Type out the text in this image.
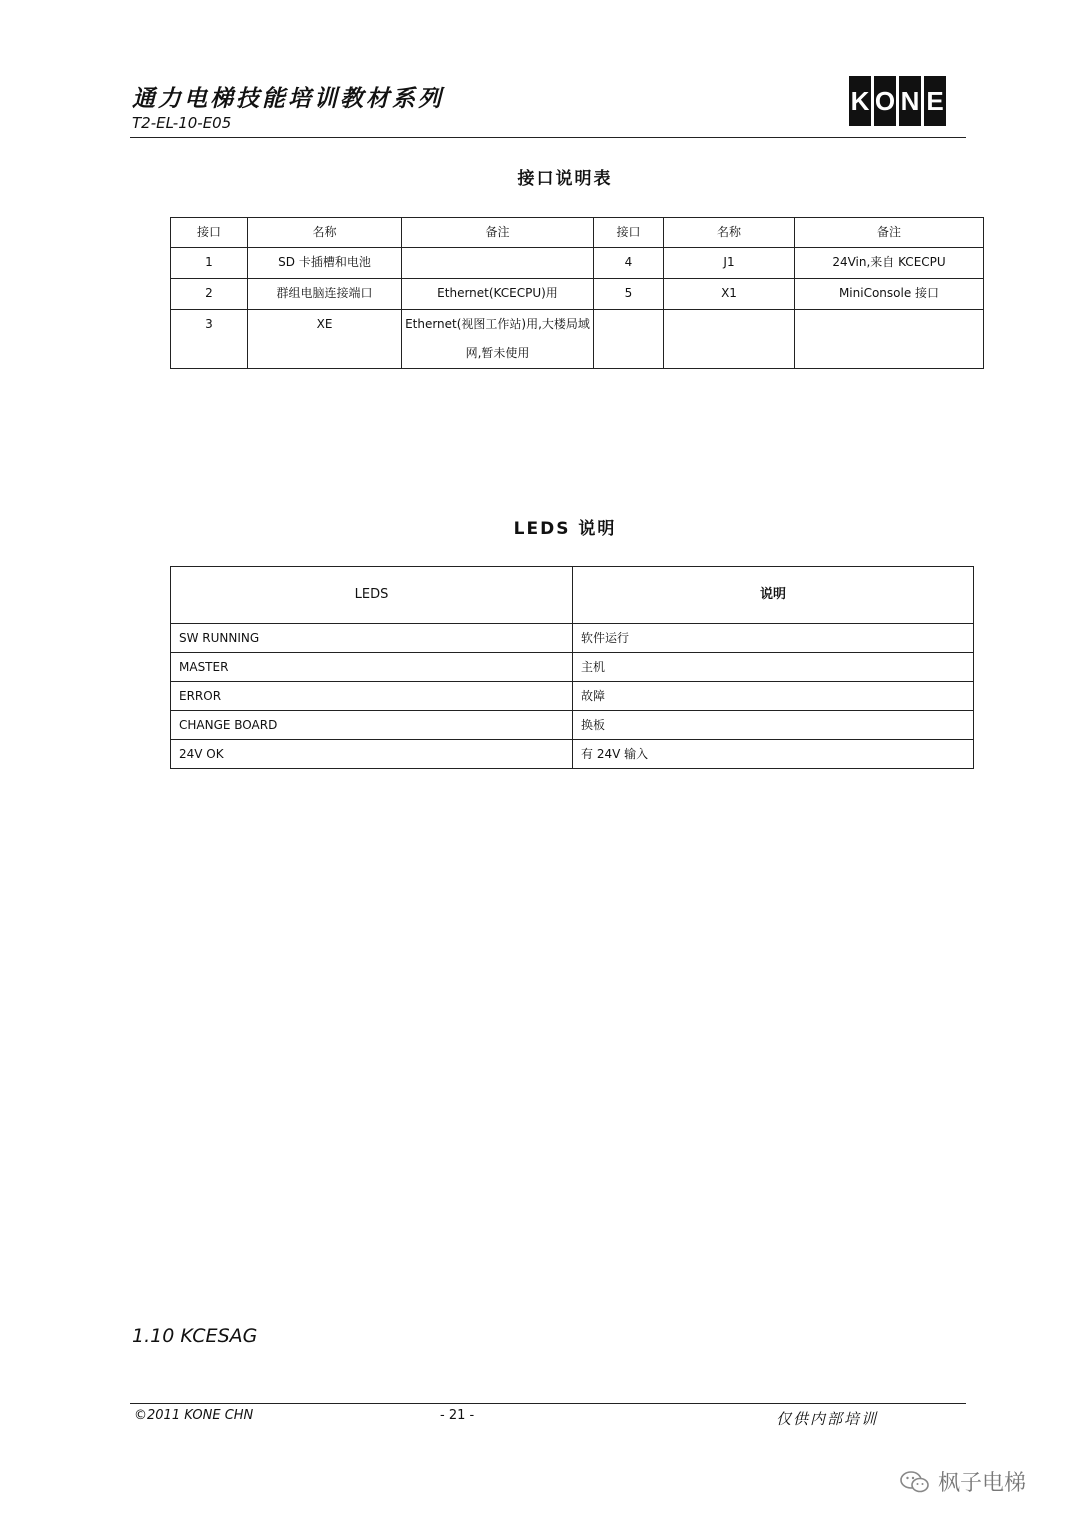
通力电梯技能培训教材系列
T2-EL-10-E05
K O N E
接口说明表
接口	名称	备注	接口	名称	备注
1	SD 卡插槽和电池		4	J1	24Vin,来自 KCECPU
2	群组电脑连接端口	Ethernet(KCECPU)用	5	X1	MiniConsole 接口
3	XE	Ethernet(视图工作站)用,大楼局域网,暂未使用			
LEDS 说明
LEDS	说明
SW RUNNING	软件运行
MASTER	主机
ERROR	故障
CHANGE BOARD	换板
24V OK	有 24V 输入
1.10 KCESAG
©2011 KONE CHN	- 21 -	仅供内部培训
枫子电梯
